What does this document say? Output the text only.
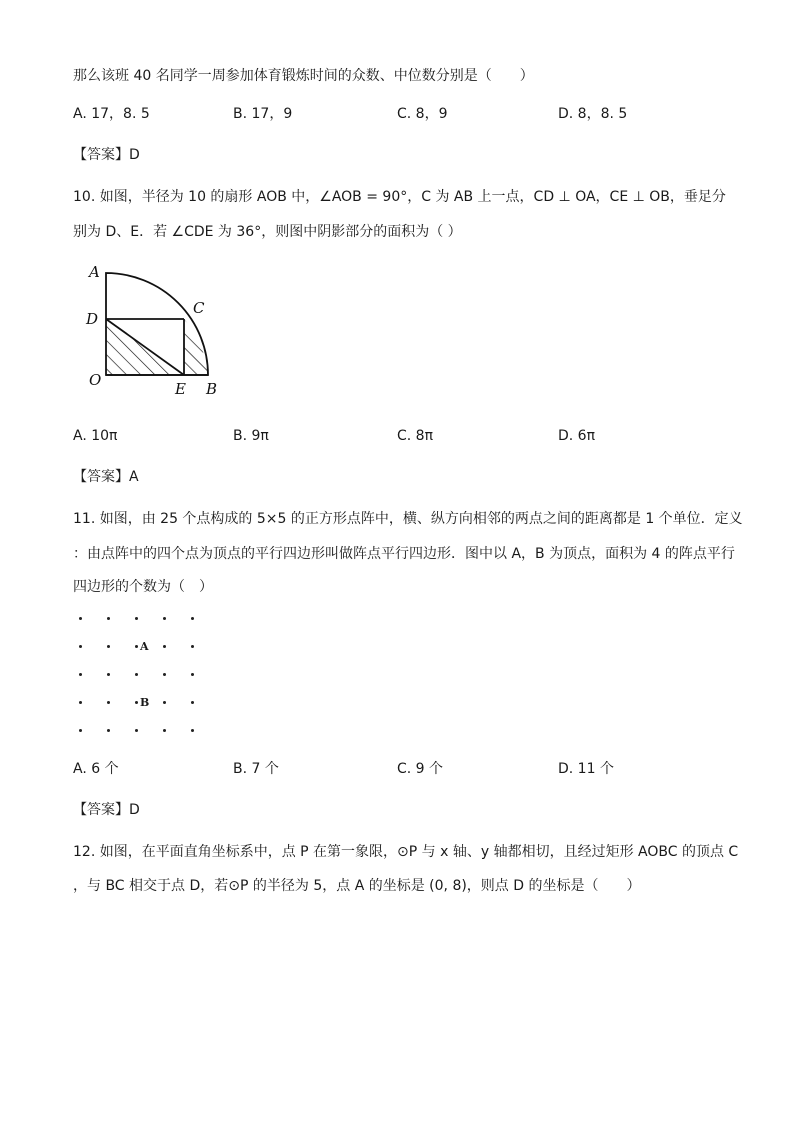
那么该班 40 名同学一周参加体育锻炼时间的众数、中位数分别是（　　）
A. 17，8. 5	B. 17，9	C. 8，9	D. 8，8. 5
【答案】D
10. 如图，半径为 10 的扇形 AOB 中，∠AOB = 90°，C 为 AB 上一点，CD ⊥ OA，CE ⊥ OB，垂足分
别为 D、E．若 ∠CDE 为 36°，则图中阴影部分的面积为（ ）
A
C
D
O	E B
A. 10π	B. 9π	C. 8π	D. 6π
【答案】A
11. 如图，由 25 个点构成的 5×5 的正方形点阵中，横、纵方向相邻的两点之间的距离都是 1 个单位．定义
：由点阵中的四个点为顶点的平行四边形叫做阵点平行四边形．图中以 A，B 为顶点，面积为 4 的阵点平行
四边形的个数为（　）
A
B
A. 6 个	B. 7 个	C. 9 个	D. 11 个
【答案】D
12. 如图，在平面直角坐标系中，点 P 在第一象限，⊙P 与 x 轴、y 轴都相切，且经过矩形 AOBC 的顶点 C
，与 BC 相交于点 D，若⊙P 的半径为 5，点 A 的坐标是 (0, 8)，则点 D 的坐标是（　　）
